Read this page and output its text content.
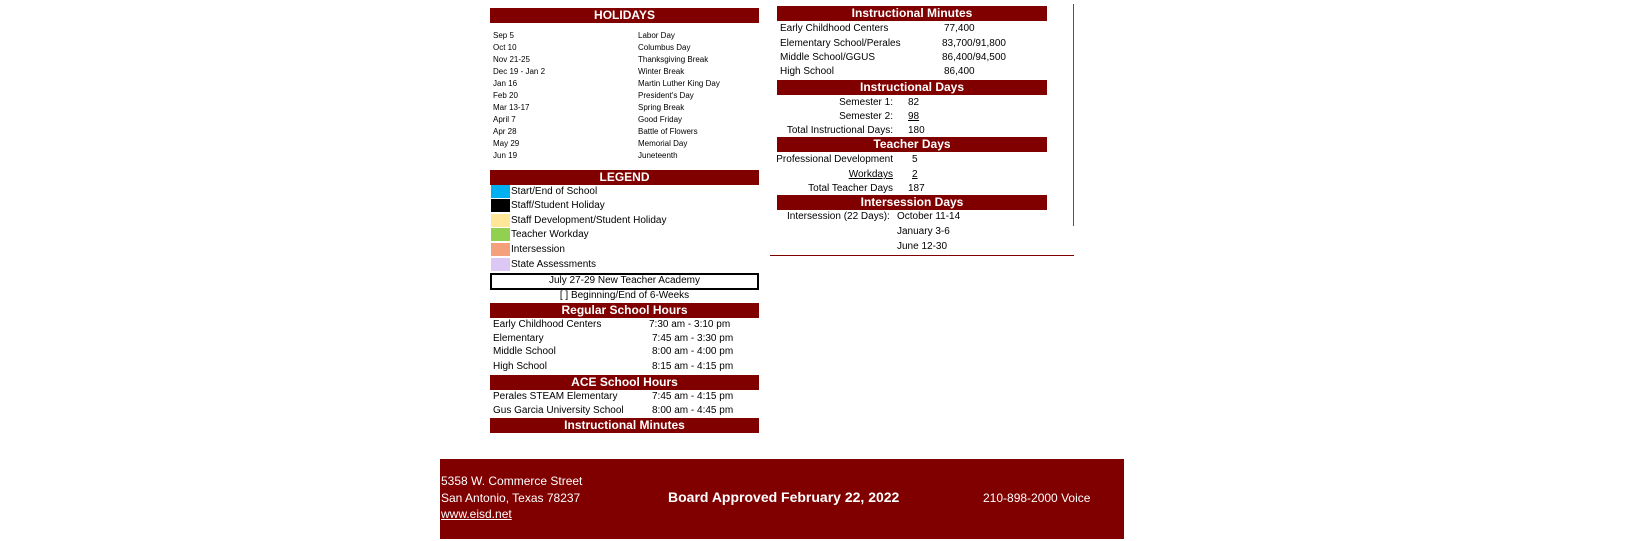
HOLIDAYS
Sep 5	Labor Day
Oct 10	Columbus Day
Nov 21-25	Thanksgiving Break
Dec 19 - Jan 2	Winter Break
Jan 16	Martin Luther King Day
Feb 20	President's Day
Mar 13-17	Spring Break
April 7	Good Friday
Apr 28	Battle of Flowers
May 29	Memorial Day
Jun 19	Juneteenth
LEGEND
Start/End of School
Staff/Student Holiday
Staff Development/Student Holiday
Teacher Workday
Intersession
State Assessments
July 27-29 New Teacher Academy
[ ] Beginning/End of 6-Weeks
Regular School Hours
Early Childhood Centers	7:30 am - 3:10 pm
Elementary	7:45 am - 3:30 pm
Middle School	8:00 am - 4:00 pm
High School	8:15 am - 4:15 pm
ACE School Hours
Perales STEAM Elementary	7:45 am - 4:15 pm
Gus Garcia University School	8:00 am - 4:45 pm
Instructional Minutes
Instructional Minutes
Early Childhood Centers	77,400
Elementary School/Perales	83,700/91,800
Middle School/GGUS	86,400/94,500
High School	86,400
Instructional Days
Semester 1: 82
Semester 2: 98
Total Instructional Days: 180
Teacher Days
Professional Development 5
Workdays 2
Total Teacher Days 187
Intersession Days
Intersession (22 Days): October 11-14
January 3-6
June 12-30
5358 W. Commerce Street
San Antonio, Texas 78237
www.eisd.net
Board Approved February 22, 2022	210-898-2000 Voice
